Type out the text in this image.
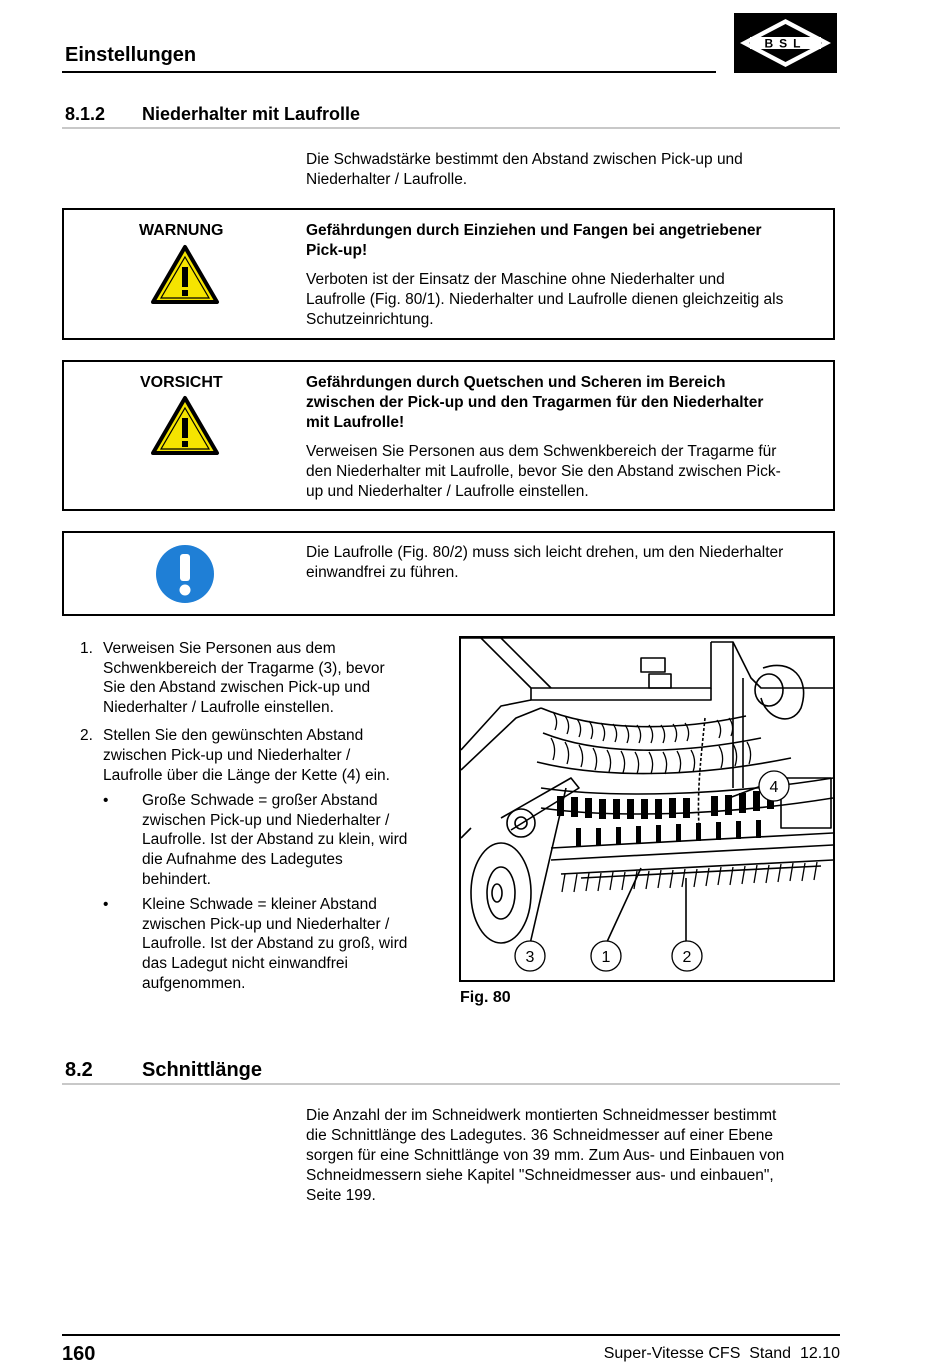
Einstellungen
BSL
8.1.2 Niederhalter mit Laufrolle
Die Schwadstärke bestimmt den Abstand zwischen Pick-up und
Niederhalter / Laufrolle.
WARNUNG	Gefährdungen durch Einziehen und Fangen bei angetriebener
Pick-up!
Verboten ist der Einsatz der Maschine ohne Niederhalter und
Laufrolle (Fig. 80/1). Niederhalter und Laufrolle dienen gleichzeitig als
Schutzeinrichtung.
VORSICHT	Gefährdungen durch Quetschen und Scheren im Bereich
zwischen der Pick-up und den Tragarmen für den Niederhalter
mit Laufrolle!
Verweisen Sie Personen aus dem Schwenkbereich der Tragarme für
den Niederhalter mit Laufrolle, bevor Sie den Abstand zwischen Pick-
up und Niederhalter / Laufrolle einstellen.
Die Laufrolle (Fig. 80/2) muss sich leicht drehen, um den Niederhalter
einwandfrei zu führen.
1. Verweisen Sie Personen aus dem
Schwenkbereich der Tragarme (3), bevor
Sie den Abstand zwischen Pick-up und
Niederhalter / Laufrolle einstellen.
2. Stellen Sie den gewünschten Abstand
zwischen Pick-up und Niederhalter /
Laufrolle über die Länge der Kette (4) ein.
• Große Schwade = großer Abstand
zwischen Pick-up und Niederhalter /
Laufrolle. Ist der Abstand zu klein, wird
die Aufnahme des Ladegutes
behindert.
• Kleine Schwade = kleiner Abstand
zwischen Pick-up und Niederhalter /
Laufrolle. Ist der Abstand zu groß, wird
das Ladegut nicht einwandfrei
aufgenommen.
3	1	2
4
Fig. 80
8.2 Schnittlänge
Die Anzahl der im Schneidwerk montierten Schneidmesser bestimmt
die Schnittlänge des Ladegutes. 36 Schneidmesser auf einer Ebene
sorgen für eine Schnittlänge von 39 mm. Zum Aus- und Einbauen von
Schneidmessern siehe Kapitel "Schneidmesser aus- und einbauen",
Seite 199.
160	Super-Vitesse CFS  Stand  12.10
